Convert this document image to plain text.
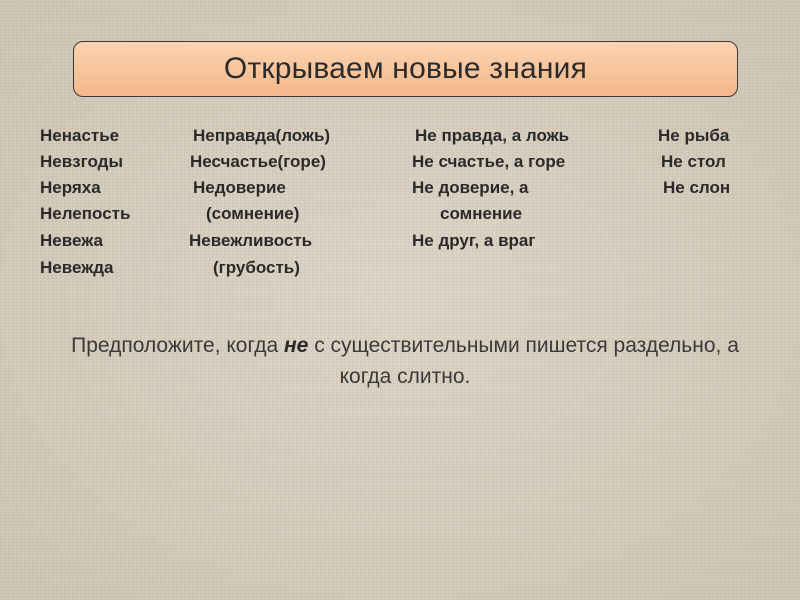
Открываем новые знания
Ненастье
Невзгоды
Неряха
Нелепость
Невежа
Невежда
Неправда(ложь)
Несчастье(горе)
Недоверие
(сомнение)
Невежливость
(грубость)
Не правда, а ложь
Не счастье, а горе
Не доверие, а
сомнение
Не друг, а враг
Не рыба
Не стол
Не слон
Предположите, когда не с существительными пишется раздельно, а когда слитно.
